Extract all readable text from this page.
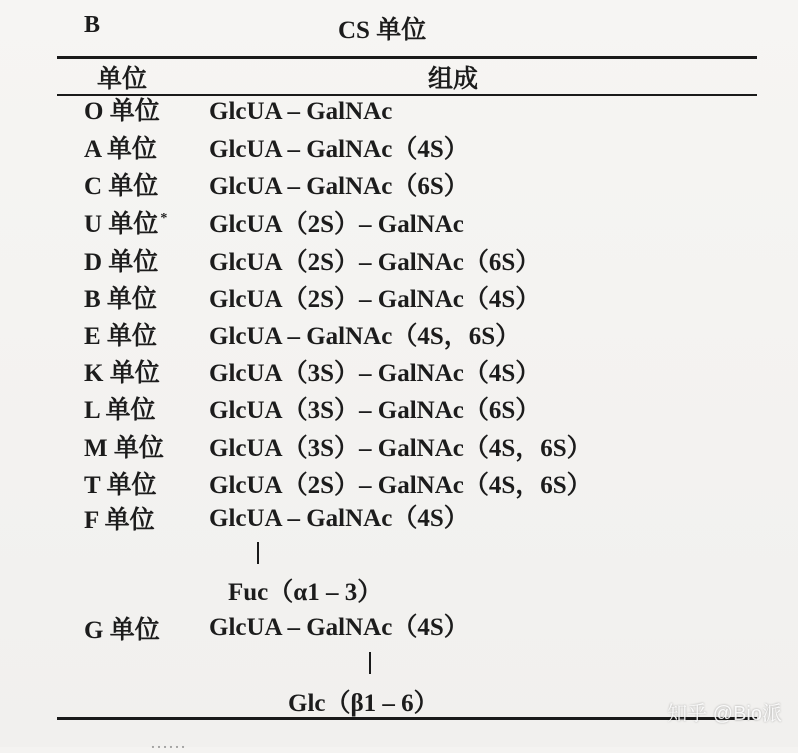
B	CS 单位
单位	组成
O 单位 GlcUA – GalNAc
A 单位 GlcUA – GalNAc（4S）
C 单位 GlcUA – GalNAc（6S）
U 单位 * GlcUA（2S）– GalNAc
D 单位 GlcUA（2S）– GalNAc（6S）
B 单位 GlcUA（2S）– GalNAc（4S）
E 单位 GlcUA – GalNAc（4S，6S）
K 单位 GlcUA（3S）– GalNAc（4S）
L 单位 GlcUA（3S）– GalNAc（6S）
M 单位 GlcUA（3S）– GalNAc（4S，6S）
T 单位 GlcUA（2S）– GalNAc（4S，6S）
F 单位 GlcUA – GalNAc（4S）
Fuc（α1 – 3）
G 单位 GlcUA – GalNAc（4S）
Glc（β1 – 6）	知乎 @Bio派
……
